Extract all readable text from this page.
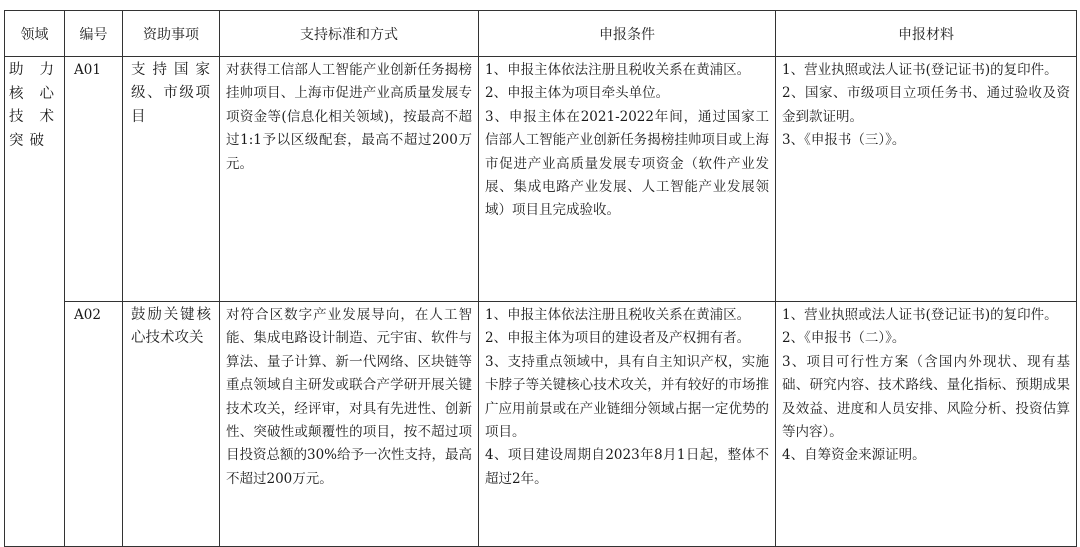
领域	编号	资助事项	支持标准和方式	申报条件	申报材料
助力核心技术突破	A01	支持国家级、市级项目	对获得工信部人工智能产业创新任务揭榜挂帅项目、上海市促进产业高质量发展专项资金等(信息化相关领域)，按最高不超过1:1予以区级配套，最高不超过200万元。	1、申报主体依法注册且税收关系在黄浦区。
2、申报主体为项目牵头单位。
3、申报主体在2021-2022年间，通过国家工信部人工智能产业创新任务揭榜挂帅项目或上海市促进产业高质量发展专项资金（软件产业发展、集成电路产业发展、人工智能产业发展领域）项目且完成验收。	1、营业执照或法人证书(登记证书)的复印件。
2、国家、市级项目立项任务书、通过验收及资金到款证明。
3、《申报书（三）》。

	A02	鼓励关键核心技术攻关	对符合区数字产业发展导向，在人工智能、集成电路设计制造、元宇宙、软件与算法、量子计算、新一代网络、区块链等重点领域自主研发或联合产学研开展关键技术攻关，经评审，对具有先进性、创新性、突破性或颠覆性的项目，按不超过项目投资总额的30%给予一次性支持，最高不超过200万元。	1、申报主体依法注册且税收关系在黄浦区。
2、申报主体为项目的建设者及产权拥有者。
3、支持重点领域中，具有自主知识产权，实施卡脖子等关键核心技术攻关，并有较好的市场推广应用前景或在产业链细分领域占据一定优势的项目。
4、项目建设周期自2023年8月1日起，整体不超过2年。	1、营业执照或法人证书(登记证书)的复印件。
2、《申报书（二）》。
3、项目可行性方案（含国内外现状、现有基础、研究内容、技术路线、量化指标、预期成果及效益、进度和人员安排、风险分析、投资估算等内容）。
4、自筹资金来源证明。
